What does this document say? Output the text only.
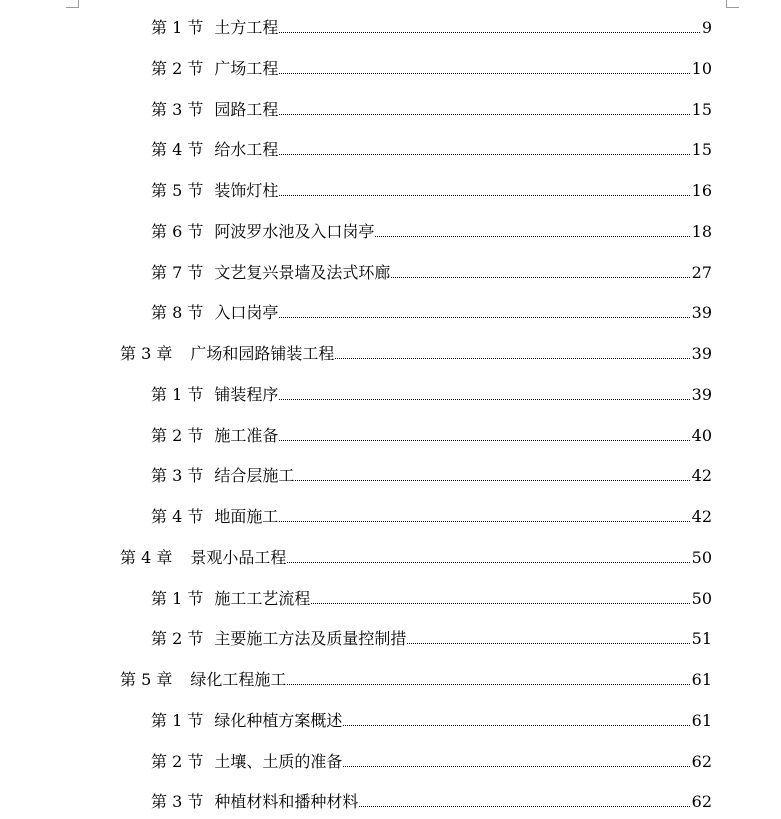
第 1 节 土方工程	9
第 2 节 广场工程	10
第 3 节 园路工程	15
第 4 节 给水工程	15
第 5 节 装饰灯柱	16
第 6 节 阿波罗水池及入口岗亭	18
第 7 节 文艺复兴景墙及法式环廊	27
第 8 节 入口岗亭	39
第 3 章 广场和园路铺装工程	39
第 1 节 铺装程序	39
第 2 节 施工准备	40
第 3 节 结合层施工	42
第 4 节 地面施工	42
第 4 章 景观小品工程	50
第 1 节 施工工艺流程	50
第 2 节 主要施工方法及质量控制措	51
第 5 章 绿化工程施工	61
第 1 节 绿化种植方案概述	61
第 2 节 土壤、土质的准备	62
第 3 节 种植材料和播种材料	62
